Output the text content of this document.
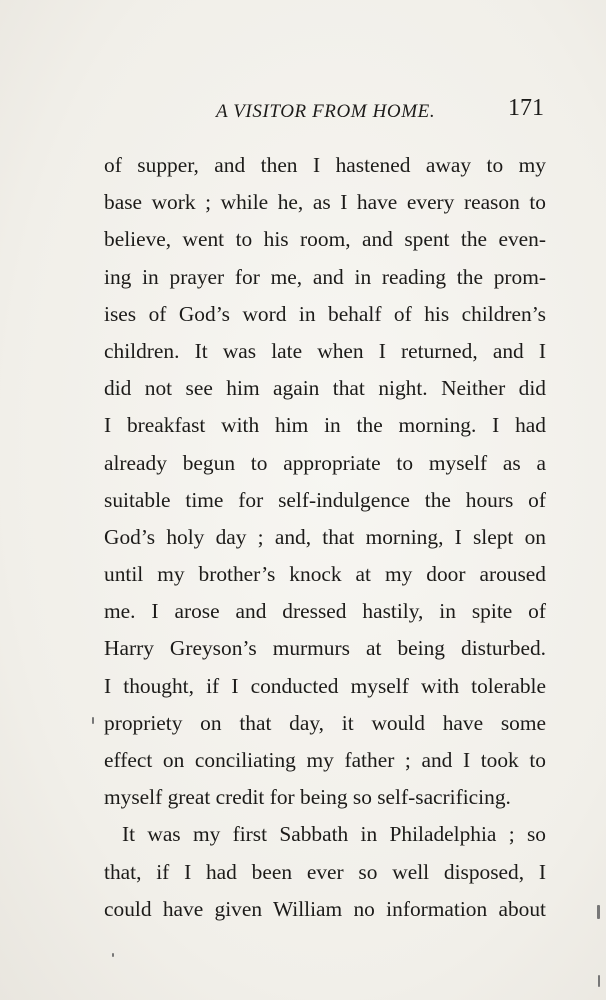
A VISITOR FROM HOME.	171
of supper, and then I hastened away to my
base work ; while he, as I have every reason to
believe, went to his room, and spent the even-
ing in prayer for me, and in reading the prom-
ises of God’s word in behalf of his children’s
children. It was late when I returned, and I
did not see him again that night. Neither did
I breakfast with him in the morning. I had
already begun to appropriate to myself as a
suitable time for self-indulgence the hours of
God’s holy day ; and, that morning, I slept on
until my brother’s knock at my door aroused
me. I arose and dressed hastily, in spite of
Harry Greyson’s murmurs at being disturbed.
I thought, if I conducted myself with tolerable
propriety on that day, it would have some
effect on conciliating my father ; and I took to
myself great credit for being so self-sacrificing.
It was my first Sabbath in Philadelphia ; so
that, if I had been ever so well disposed, I
could have given William no information about
